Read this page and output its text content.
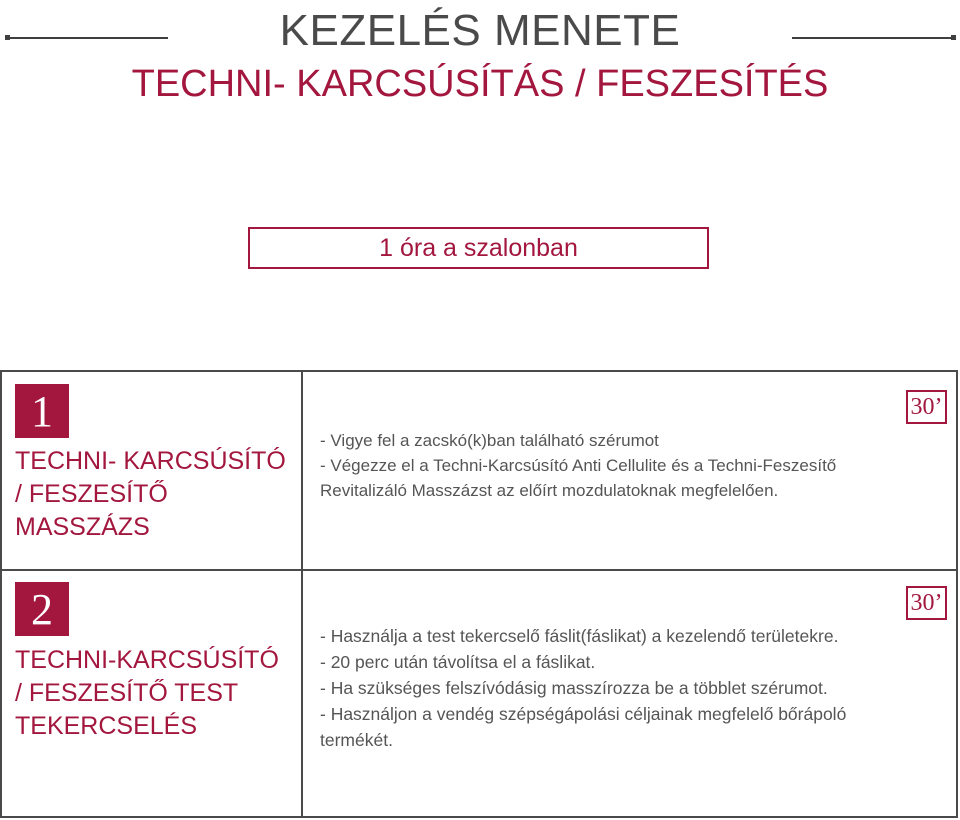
KEZELÉS MENETE
TECHNI- KARCSÚSÍTÁS / FESZESÍTÉS
1 óra a szalonban
1
TECHNI- KARCSÚSÍTÓ
/ FESZESÍTŐ
MASSZÁZS
30’
- Vigye fel a zacskó(k)ban található szérumot
- Végezze el a Techni-Karcsúsító Anti Cellulite és a Techni-Feszesítő
Revitalizáló Masszázst az előírt mozdulatoknak megfelelően.
2
TECHNI-KARCSÚSÍTÓ
/ FESZESÍTŐ TEST
TEKERCSELÉS
30’
- Használja a test tekercselő fáslit(fáslikat) a kezelendő területekre.
- 20 perc után távolítsa el a fáslikat.
- Ha szükséges felszívódásig masszírozza be a többlet szérumot.
- Használjon a vendég szépségápolási céljainak megfelelő bőrápoló
termékét.
